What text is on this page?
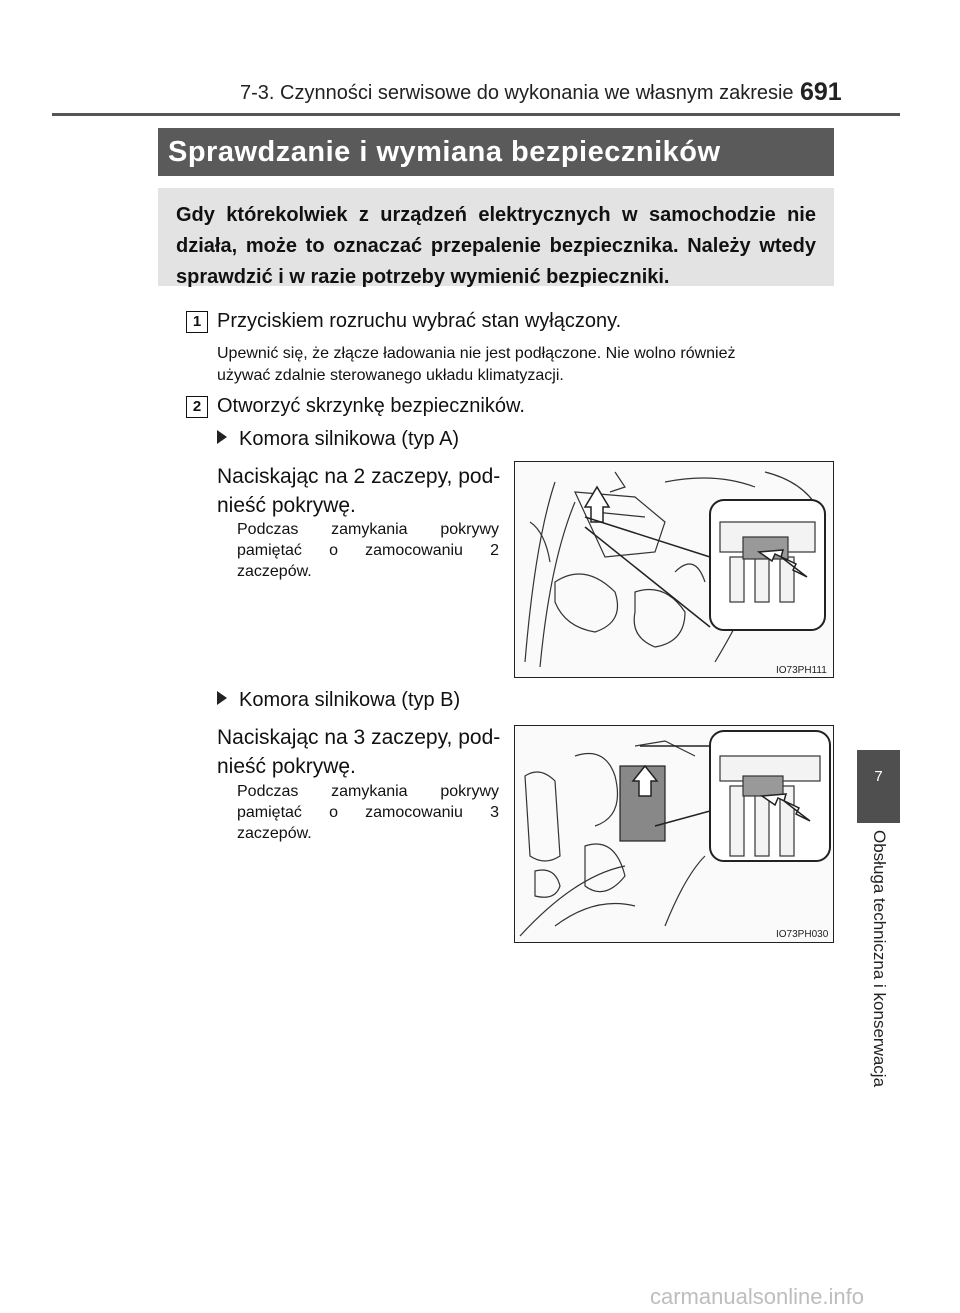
7-3. Czynności serwisowe do wykonania we własnym zakresie 691
Sprawdzanie i wymiana bezpieczników
Gdy którekolwiek z urządzeń elektrycznych w samochodzie nie działa, może to oznaczać przepalenie bezpiecznika. Należy wtedy sprawdzić i w razie potrzeby wymienić bezpieczniki.
1 Przyciskiem rozruchu wybrać stan wyłączony.
Upewnić się, że złącze ładowania nie jest podłączone. Nie wolno również
używać zdalnie sterowanego układu klimatyzacji.
2 Otworzyć skrzynkę bezpieczników.
Komora silnikowa (typ A)
Naciskając na 2 zaczepy, pod-
nieść pokrywę.
Podczas zamykania pokrywy
pamiętać o zamocowaniu 2
zaczepów.
IO73PH111
Komora silnikowa (typ B)
Naciskając na 3 zaczepy, pod-
nieść pokrywę.
Podczas zamykania pokrywy
pamiętać o zamocowaniu 3
zaczepów.
IO73PH030
7
Obsługa techniczna i konserwacja
carmanualsonline.info
